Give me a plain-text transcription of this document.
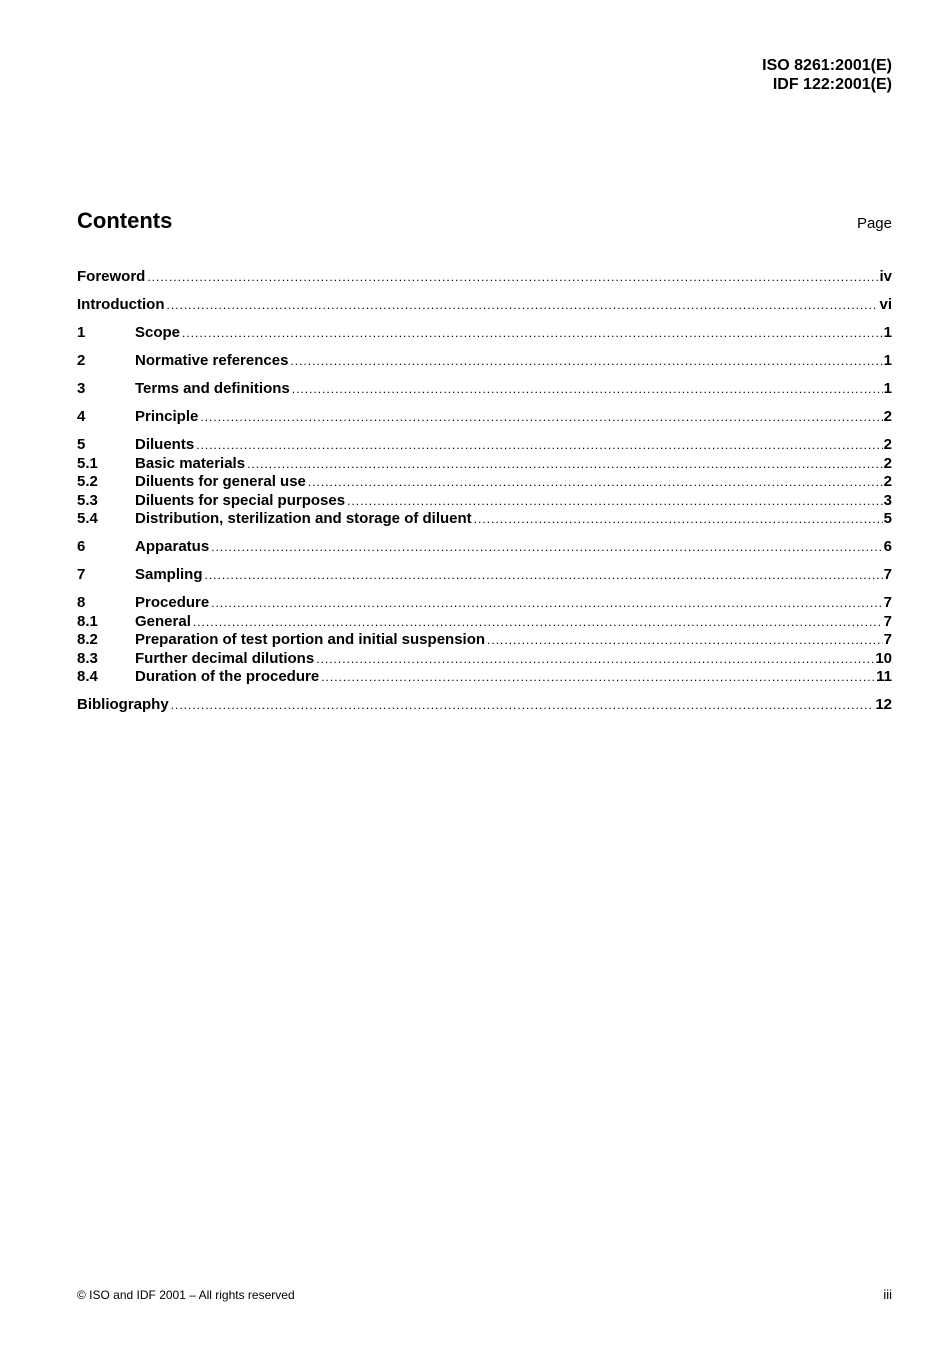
ISO 8261:2001(E)
IDF 122:2001(E)
Contents	Page
Foreword .....	iv
Introduction .....	vi
1	Scope .....	1
2	Normative references .....	1
3	Terms and definitions .....	1
4	Principle .....	2
5	Diluents .....	2
5.1	Basic materials .....	2
5.2	Diluents for general use .....	2
5.3	Diluents for special purposes .....	3
5.4	Distribution, sterilization and storage of diluent .....	5
6	Apparatus .....	6
7	Sampling .....	7
8	Procedure .....	7
8.1	General .....	7
8.2	Preparation of test portion and initial suspension .....	7
8.3	Further decimal dilutions .....	10
8.4	Duration of the procedure .....	11
Bibliography .....	12
© ISO and IDF 2001 – All rights reserved	iii
